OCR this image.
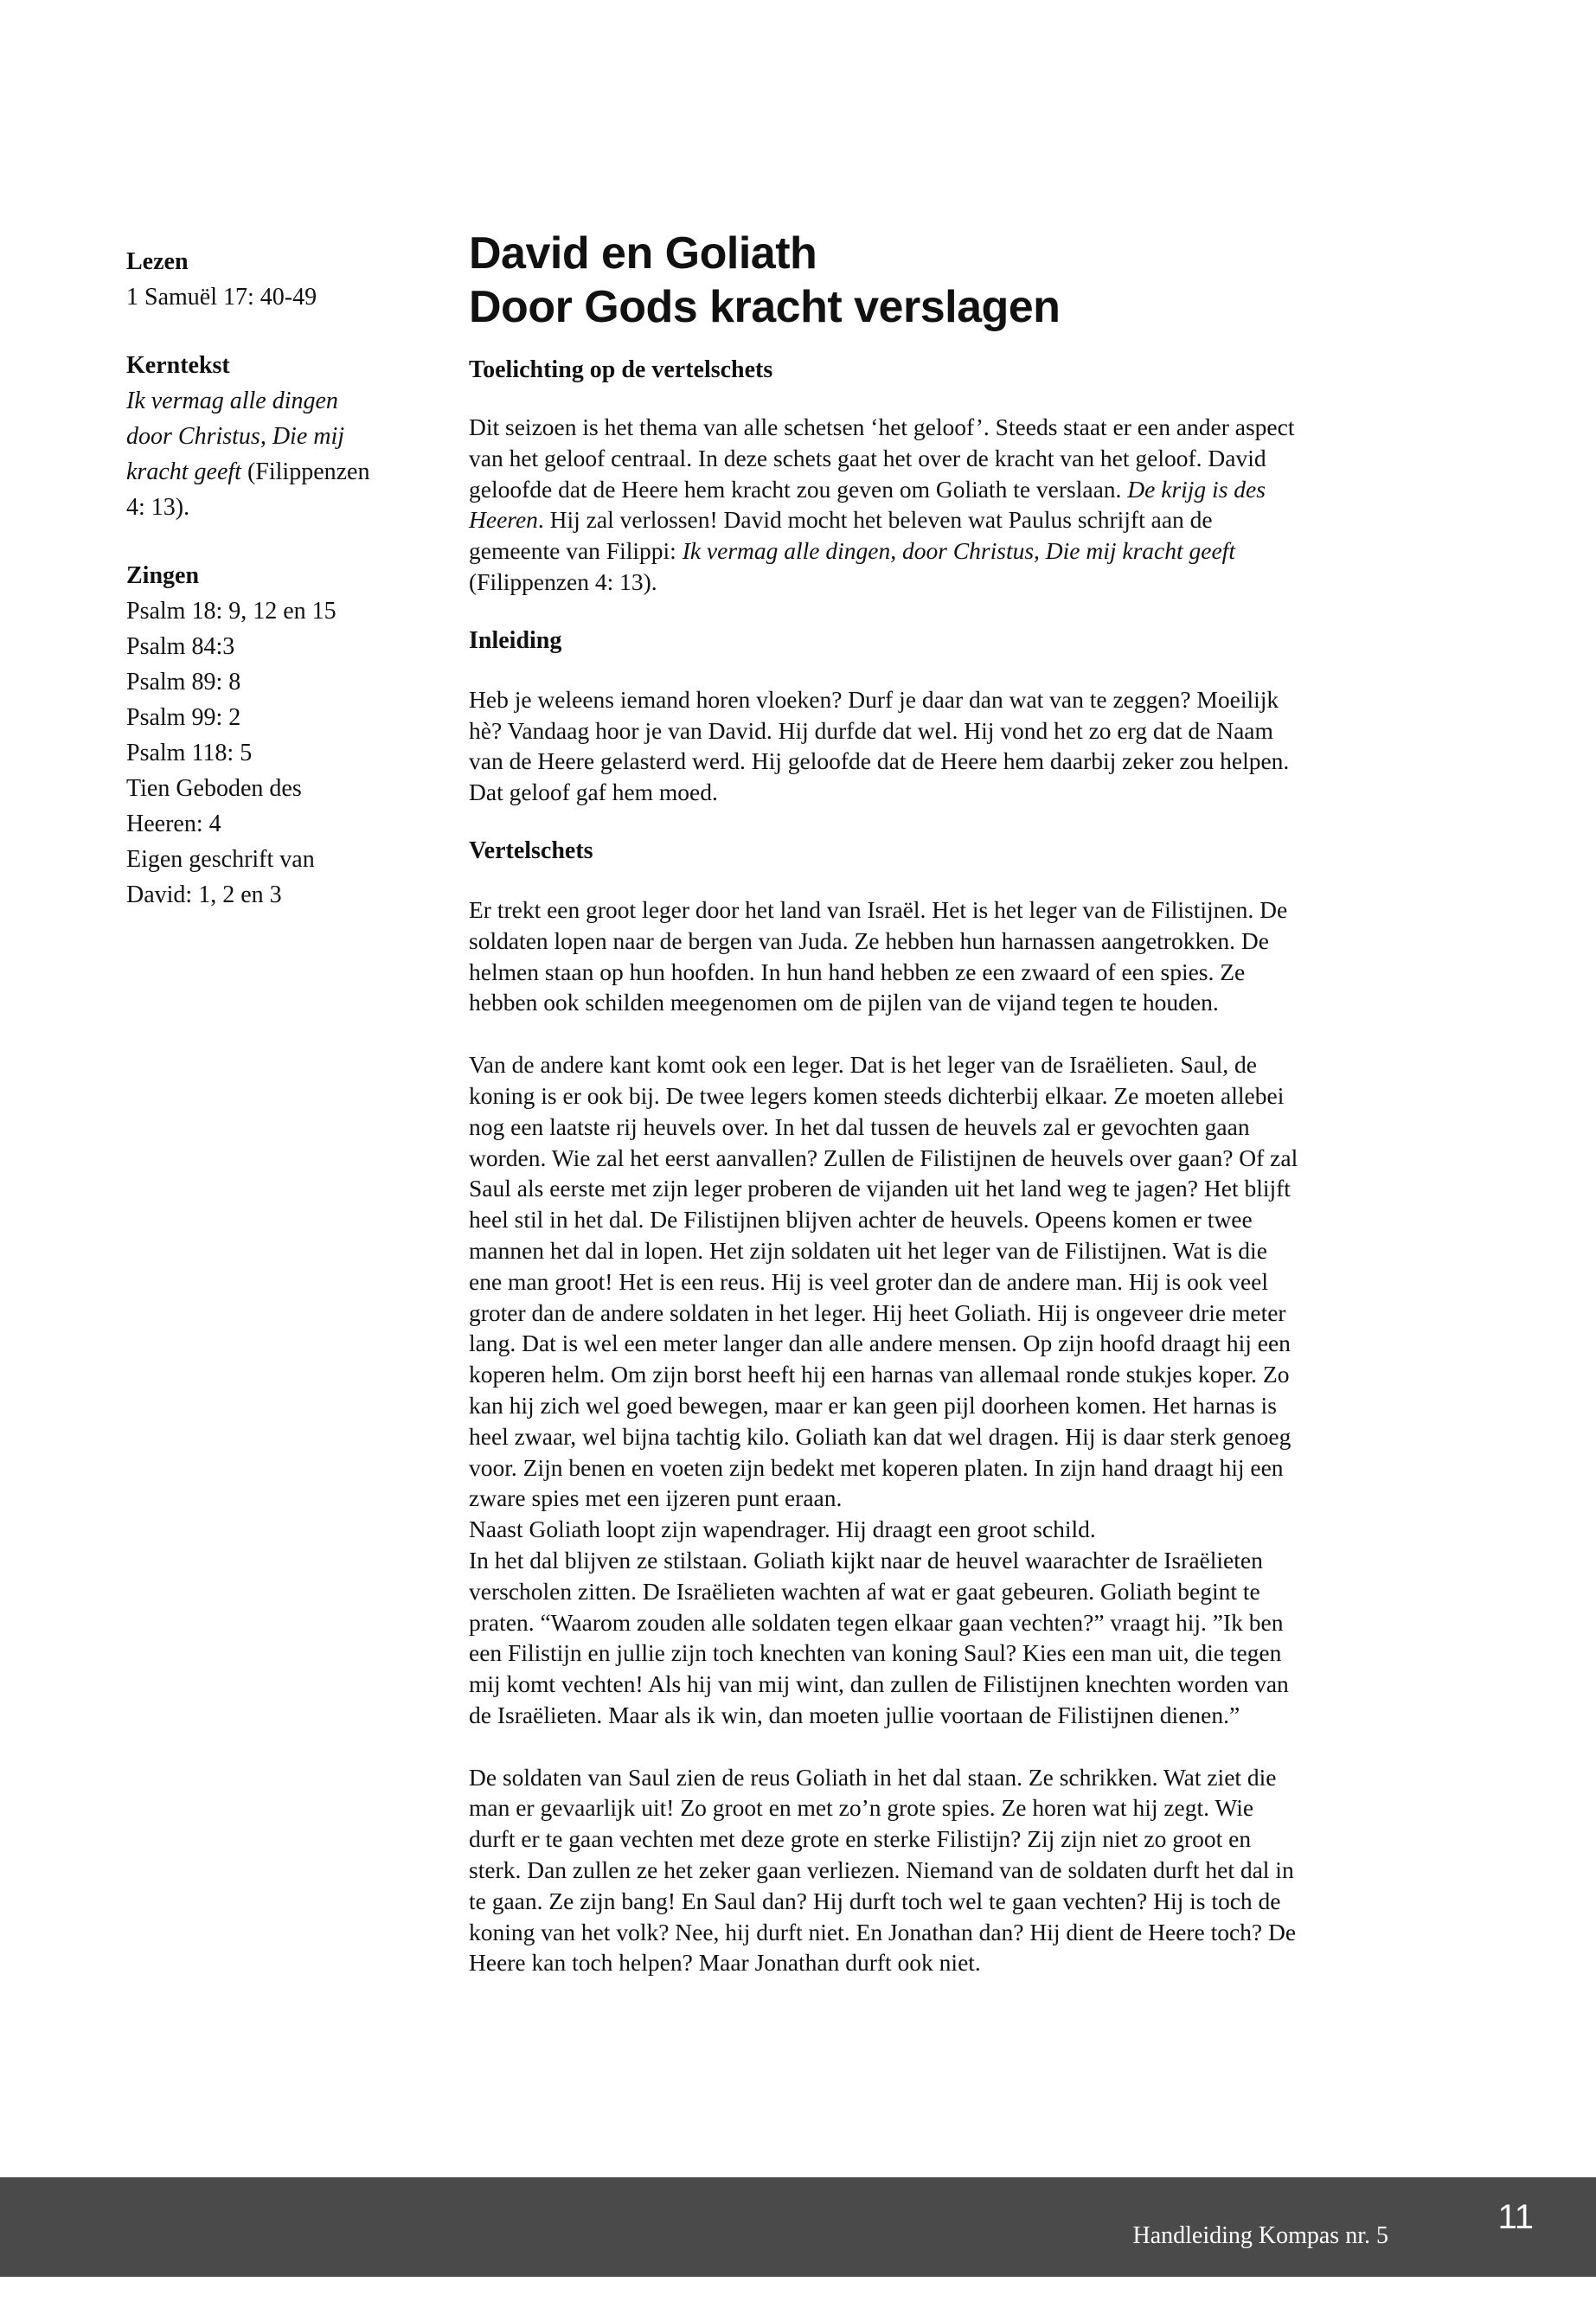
Lezen

1 Samuël 17: 40-49

Kerntekst

Ik vermag alle dingen
door Christus, Die mij
kracht geeft (Filippenzen
4: 13).

Zingen
Psalm 18: 9, 12 en 15
Psalm 84:3
Psalm 89: 8
Psalm 99: 2
Psalm 118: 5
Tien Geboden des
Heeren: 4
Eigen geschrift van
David: 1, 2 en 3
David en Goliath
Door Gods kracht verslagen
Toelichting op de vertelschets

Dit seizoen is het thema van alle schetsen ‘het geloof’. Steeds staat er een ander aspect
van het geloof centraal. In deze schets gaat het over de kracht van het geloof. David
geloofde dat de Heere hem kracht zou geven om Goliath te verslaan. De krijg is des
Heeren. Hij zal verlossen! David mocht het beleven wat Paulus schrijft aan de
gemeente van Filippi: Ik vermag alle dingen, door Christus, Die mij kracht geeft
(Filippenzen 4: 13).

Inleiding

Heb je weleens iemand horen vloeken? Durf je daar dan wat van te zeggen? Moeilijk
hè? Vandaag hoor je van David. Hij durfde dat wel. Hij vond het zo erg dat de Naam
van de Heere gelasterd werd. Hij geloofde dat de Heere hem daarbij zeker zou helpen.
Dat geloof gaf hem moed.

Vertelschets

Er trekt een groot leger door het land van Israël. Het is het leger van de Filistijnen. De
soldaten lopen naar de bergen van Juda. Ze hebben hun harnassen aangetrokken. De
helmen staan op hun hoofden. In hun hand hebben ze een zwaard of een spies. Ze
hebben ook schilden meegenomen om de pijlen van de vijand tegen te houden.

Van de andere kant komt ook een leger. Dat is het leger van de Israëlieten. Saul, de
koning is er ook bij. De twee legers komen steeds dichterbij elkaar. Ze moeten allebei
nog een laatste rij heuvels over. In het dal tussen de heuvels zal er gevochten gaan
worden. Wie zal het eerst aanvallen? Zullen de Filistijnen de heuvels over gaan? Of zal
Saul als eerste met zijn leger proberen de vijanden uit het land weg te jagen? Het blijft
heel stil in het dal. De Filistijnen blijven achter de heuvels. Opeens komen er twee
mannen het dal in lopen. Het zijn soldaten uit het leger van de Filistijnen. Wat is die
ene man groot! Het is een reus. Hij is veel groter dan de andere man. Hij is ook veel
groter dan de andere soldaten in het leger. Hij heet Goliath. Hij is ongeveer drie meter
lang. Dat is wel een meter langer dan alle andere mensen. Op zijn hoofd draagt hij een
koperen helm. Om zijn borst heeft hij een harnas van allemaal ronde stukjes koper. Zo
kan hij zich wel goed bewegen, maar er kan geen pijl doorheen komen. Het harnas is
heel zwaar, wel bijna tachtig kilo. Goliath kan dat wel dragen. Hij is daar sterk genoeg
voor. Zijn benen en voeten zijn bedekt met koperen platen. In zijn hand draagt hij een
zware spies met een ijzeren punt eraan.
Naast Goliath loopt zijn wapendrager. Hij draagt een groot schild.
In het dal blijven ze stilstaan. Goliath kijkt naar de heuvel waarachter de Israëlieten
verscholen zitten. De Israëlieten wachten af wat er gaat gebeuren. Goliath begint te
praten. “Waarom zouden alle soldaten tegen elkaar gaan vechten?” vraagt hij. ”Ik ben
een Filistijn en jullie zijn toch knechten van koning Saul? Kies een man uit, die tegen
mij komt vechten! Als hij van mij wint, dan zullen de Filistijnen knechten worden van
de Israëlieten. Maar als ik win, dan moeten jullie voortaan de Filistijnen dienen.”

De soldaten van Saul zien de reus Goliath in het dal staan. Ze schrikken. Wat ziet die
man er gevaarlijk uit! Zo groot en met zo’n grote spies. Ze horen wat hij zegt. Wie
durft er te gaan vechten met deze grote en sterke Filistijn? Zij zijn niet zo groot en
sterk. Dan zullen ze het zeker gaan verliezen. Niemand van de soldaten durft het dal in
te gaan. Ze zijn bang! En Saul dan? Hij durft toch wel te gaan vechten? Hij is toch de
koning van het volk? Nee, hij durft niet. En Jonathan dan? Hij dient de Heere toch? De
Heere kan toch helpen? Maar Jonathan durft ook niet.

Handleiding Kompas nr. 5	11
